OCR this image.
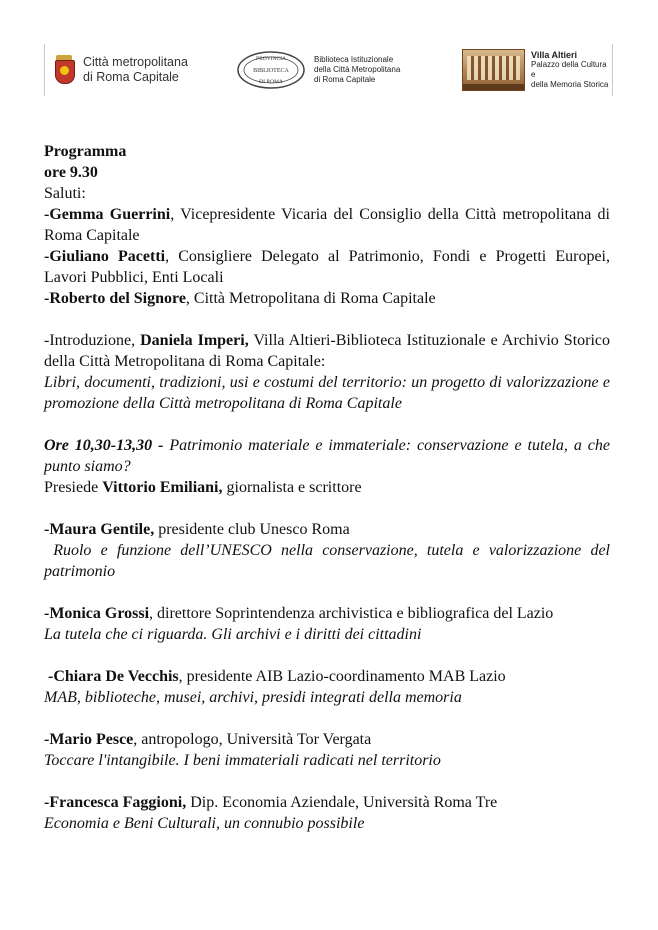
Città metropolitana
di Roma Capitale
PROVINCIA
BIBLIOTECA
DI ROMA
Biblioteca Istituzionale
della Città Metropolitana
di Roma Capitale
Villa Altieri
Palazzo della Cultura e
della Memoria Storica

Programma

ore 9.30

Saluti:

-Gemma Guerrini, Vicepresidente Vicaria del Consiglio della Città metropolitana di Roma Capitale

-Giuliano Pacetti, Consigliere Delegato al Patrimonio, Fondi e Progetti Europei, Lavori Pubblici, Enti Locali

-Roberto del Signore, Città Metropolitana di Roma Capitale

-Introduzione, Daniela Imperi, Villa Altieri-Biblioteca Istituzionale e Archivio Storico della Città Metropolitana di Roma Capitale:

Libri, documenti, tradizioni, usi e costumi del territorio: un progetto di valorizzazione e promozione della Città metropolitana di Roma Capitale

Ore 10,30-13,30 - Patrimonio materiale e immateriale: conservazione e tutela, a che punto siamo?

Presiede Vittorio Emiliani, giornalista e scrittore

-Maura Gentile, presidente club Unesco Roma

Ruolo e funzione dell’UNESCO nella conservazione, tutela e valorizzazione del patrimonio

-Monica Grossi, direttore Soprintendenza archivistica e bibliografica del Lazio

La tutela che ci riguarda. Gli archivi e i diritti dei cittadini

-Chiara De Vecchis, presidente AIB Lazio-coordinamento MAB Lazio

MAB, biblioteche, musei, archivi, presidi integrati della memoria

-Mario Pesce, antropologo, Università Tor Vergata

Toccare l'intangibile. I beni immateriali radicati nel territorio

-Francesca Faggioni, Dip. Economia Aziendale, Università Roma Tre

Economia e Beni Culturali, un connubio possibile
